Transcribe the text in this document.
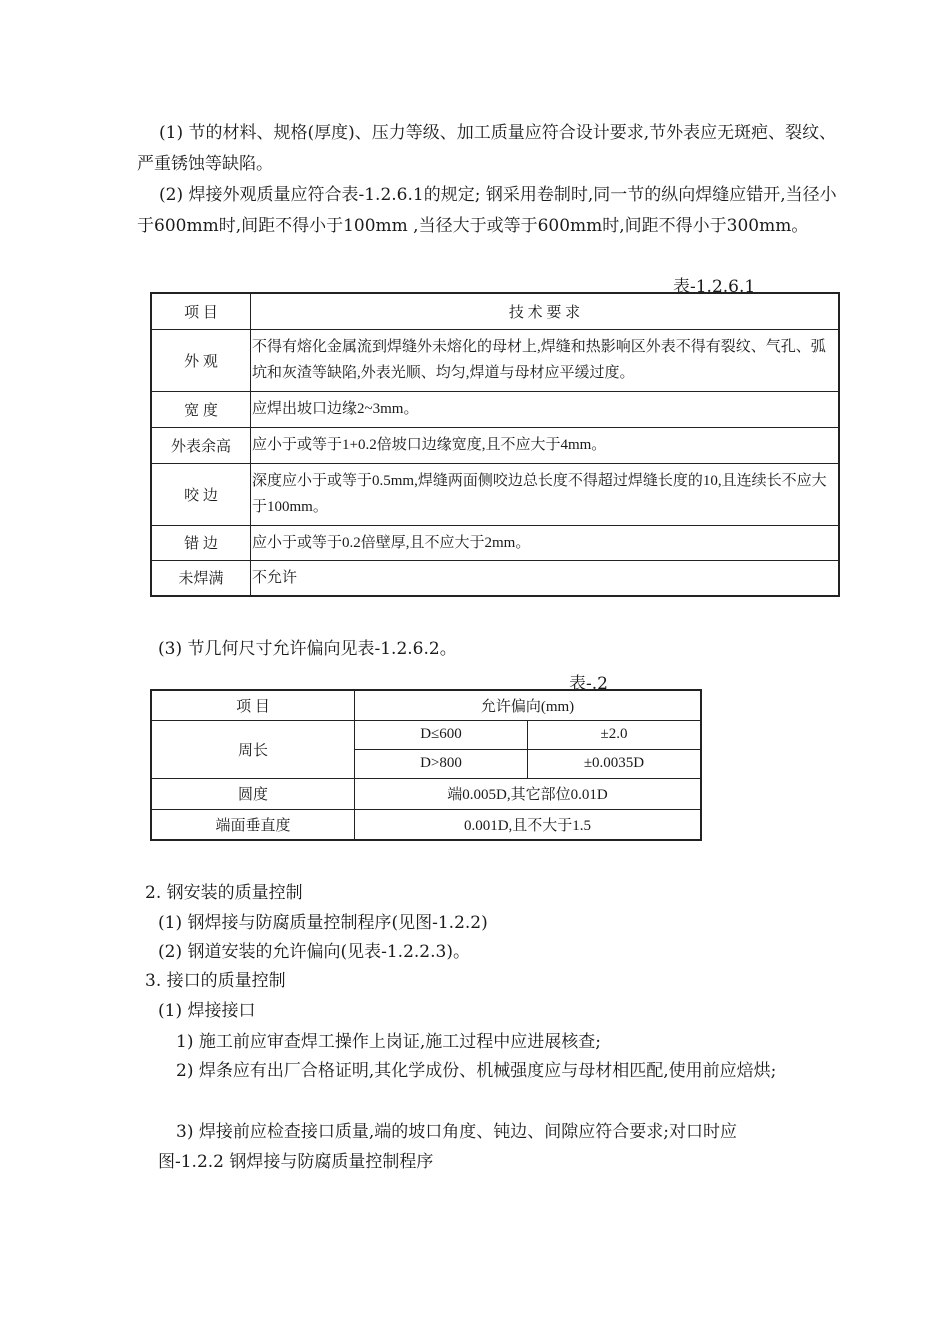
(1) 节的材料、规格(厚度)、压力等级、加工质量应符合设计要求,节外表应无斑疤、裂纹、严重锈蚀等缺陷。

(2) 焊接外观质量应符合表-1.2.6.1的规定; 钢采用卷制时,同一节的纵向焊缝应错开,当径小于600mm时,间距不得小于100mm ,当径大于或等于600mm时,间距不得小于300mm。

表-1.2.6.1
项 目	技 术 要 求
外 观	不得有熔化金属流到焊缝外未熔化的母材上,焊缝和热影响区外表不得有裂纹、气孔、弧坑和灰渣等缺陷,外表光顺、均匀,焊道与母材应平缓过度。
宽 度	应焊出坡口边缘2~3mm。
外表余高	应小于或等于1+0.2倍坡口边缘宽度,且不应大于4mm。
咬 边	深度应小于或等于0.5mm,焊缝两面侧咬边总长度不得超过焊缝长度的10,且连续长不应大于100mm。
错 边	应小于或等于0.2倍壁厚,且不应大于2mm。
未焊满	不允许

(3) 节几何尺寸允许偏向见表-1.2.6.2。

表-.2
项 目	允许偏向(mm)	
周长	D≤600	±2.0
	D>800	±0.0035D
圆度	端0.005D,其它部位0.01D	
端面垂直度	0.001D,且不大于1.5	

2. 钢安装的质量控制

(1) 钢焊接与防腐质量控制程序(见图-1.2.2)

(2) 钢道安装的允许偏向(见表-1.2.2.3)。

3. 接口的质量控制

(1) 焊接接口

1) 施工前应审查焊工操作上岗证,施工过程中应进展核查;

2) 焊条应有出厂合格证明,其化学成份、机械强度应与母材相匹配,使用前应焙烘;

3) 焊接前应检查接口质量,端的坡口角度、钝边、间隙应符合要求;对口时应

图-1.2.2 钢焊接与防腐质量控制程序
